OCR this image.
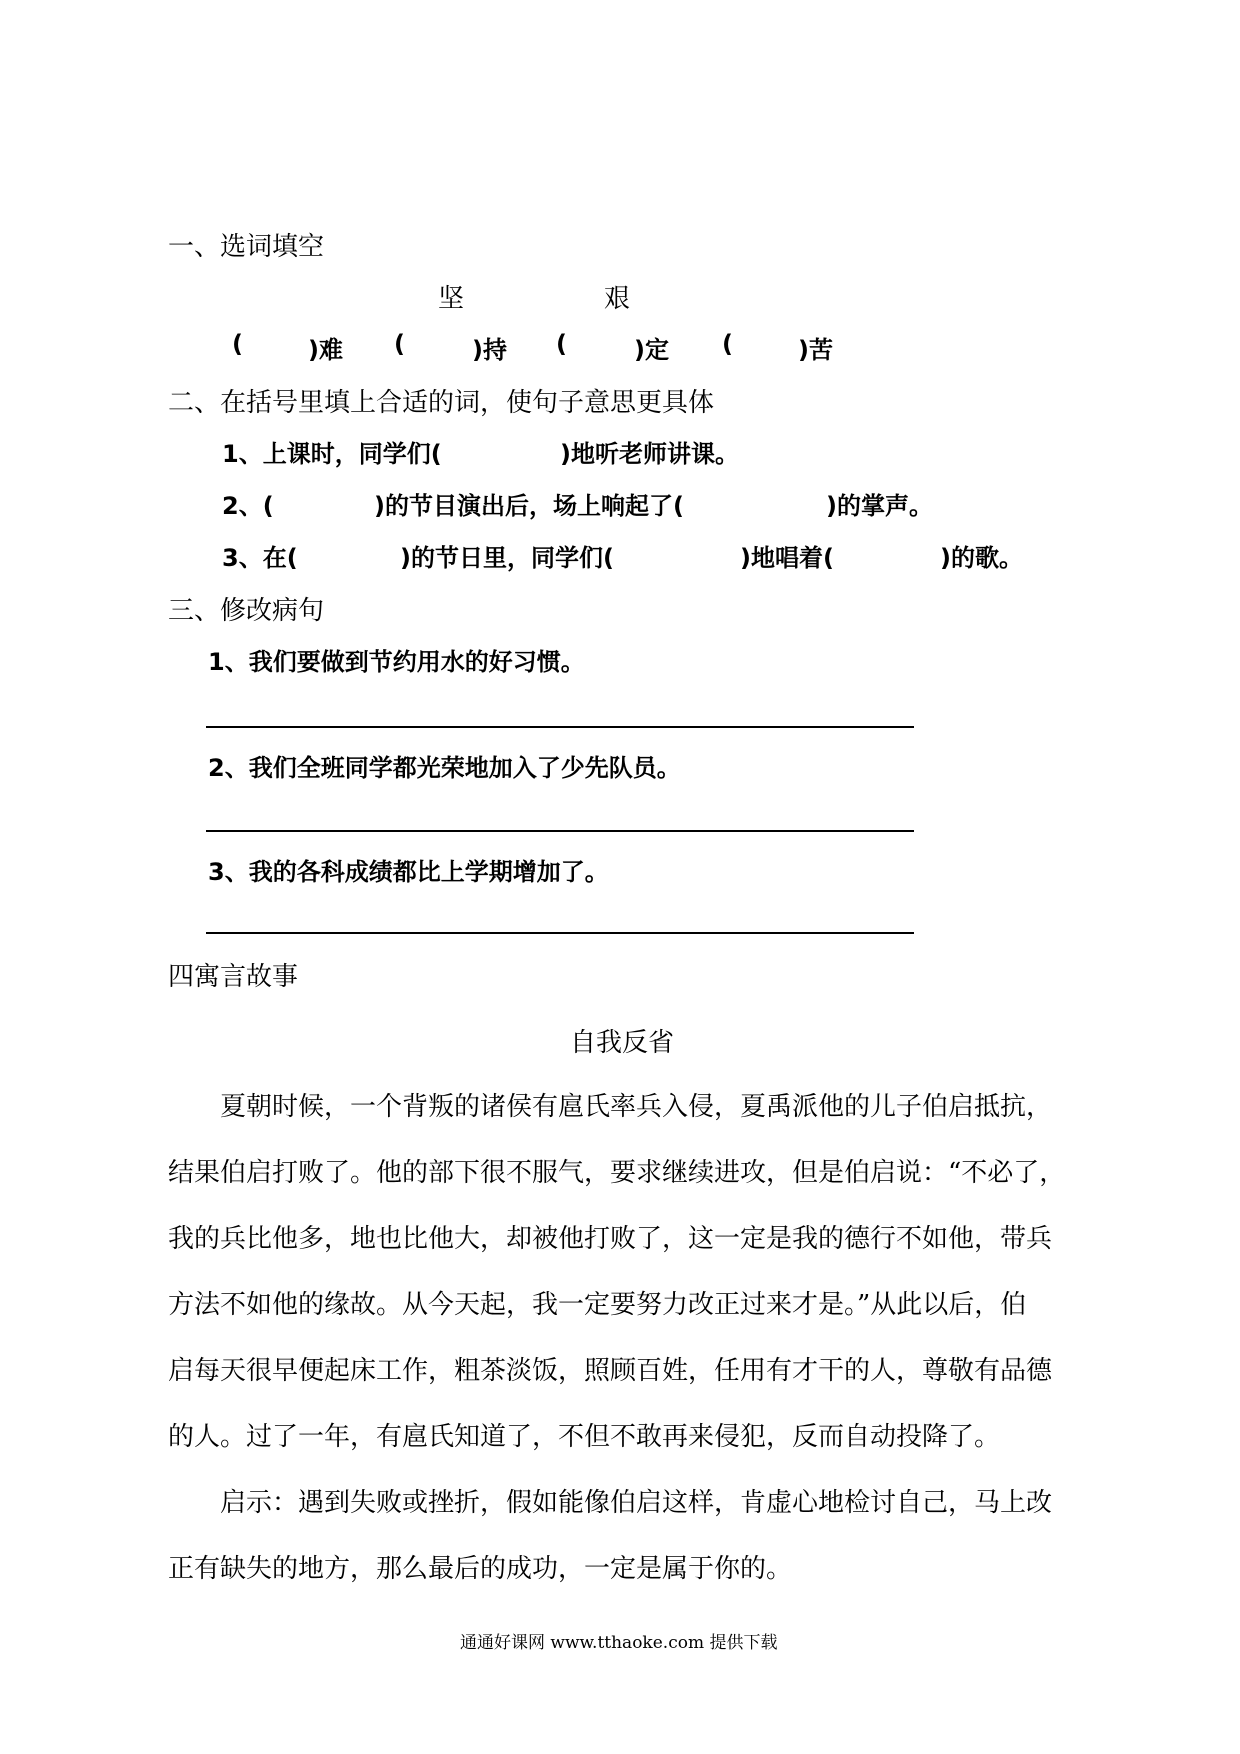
一、选词填空
坚	艰
(	)难 (	)持 (	)定 (	)苦
二、在括号里填上合适的词，使句子意思更具体
1、上课时，同学们(	)地听老师讲课。
2、(	)的节目演出后，场上响起了(	)的掌声。
3、在(	)的节日里，同学们(	)地唱着(	)的歌。
三、修改病句
1、我们要做到节约用水的好习惯。
2、我们全班同学都光荣地加入了少先队员。
3、我的各科成绩都比上学期增加了。
四寓言故事
自我反省
夏朝时候，一个背叛的诸侯有扈氏率兵入侵，夏禹派他的儿子伯启抵抗，
结果伯启打败了。他的部下很不服气，要求继续进攻，但是伯启说：“不必了，
我的兵比他多，地也比他大，却被他打败了，这一定是我的德行不如他，带兵
方法不如他的缘故。从今天起，我一定要努力改正过来才是。”从此以后，伯
启每天很早便起床工作，粗茶淡饭，照顾百姓，任用有才干的人，尊敬有品德
的人。过了一年，有扈氏知道了，不但不敢再来侵犯，反而自动投降了。
启示：遇到失败或挫折，假如能像伯启这样，肯虚心地检讨自己，马上改
正有缺失的地方，那么最后的成功，一定是属于你的。
通通好课网 www.tthaoke.com 提供下载
